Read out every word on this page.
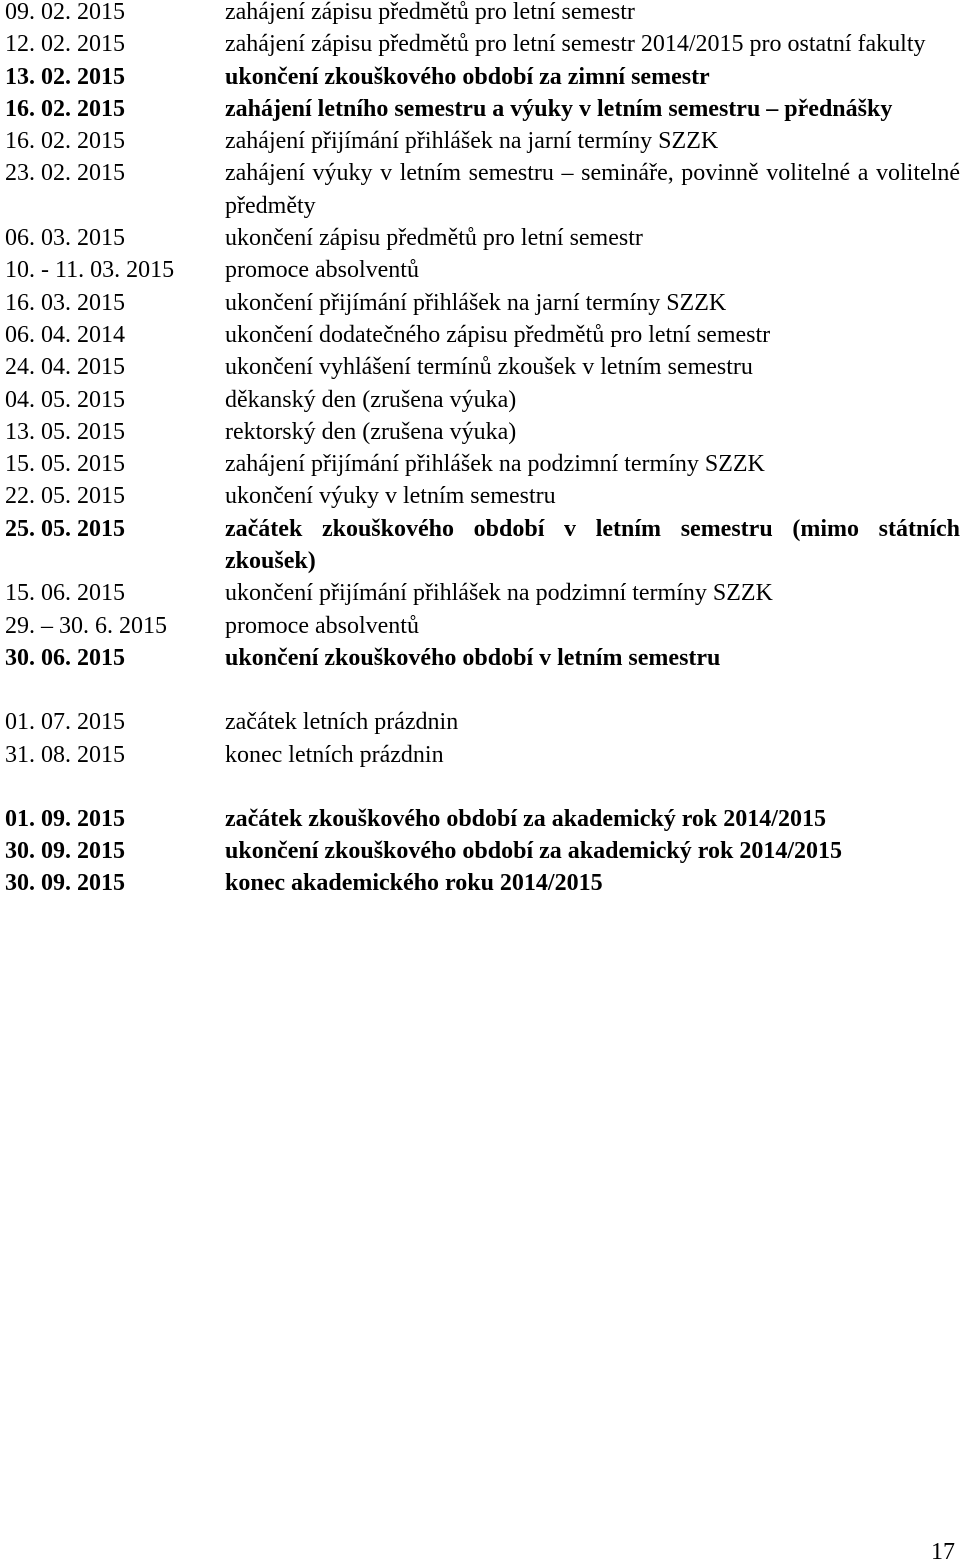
09. 02. 2015	zahájení zápisu předmětů pro letní semestr
12. 02. 2015	zahájení zápisu předmětů pro letní semestr 2014/2015 pro ostatní fakulty
13. 02. 2015	ukončení zkouškového období za zimní semestr
16. 02. 2015	zahájení letního semestru a výuky v letním semestru – přednášky
16. 02. 2015	zahájení přijímání přihlášek na jarní termíny SZZK
23. 02. 2015	zahájení výuky v letním semestru – semináře, povinně volitelné a volitelné předměty
06. 03. 2015	ukončení zápisu předmětů pro letní semestr
10. - 11. 03. 2015	promoce absolventů
16. 03. 2015	ukončení přijímání přihlášek na jarní termíny SZZK
06. 04. 2014	ukončení dodatečného zápisu předmětů pro letní semestr
24. 04. 2015	ukončení vyhlášení termínů zkoušek v letním semestru
04. 05. 2015	děkanský den (zrušena výuka)
13. 05. 2015	rektorský den (zrušena výuka)
15. 05. 2015	zahájení přijímání přihlášek na podzimní termíny SZZK
22. 05. 2015	ukončení výuky v letním semestru
25. 05. 2015	začátek zkouškového období v letním semestru (mimo státních zkoušek)
15. 06. 2015	ukončení přijímání přihlášek na podzimní termíny SZZK
29. – 30. 6. 2015	promoce absolventů
30. 06. 2015	ukončení zkouškového období v letním semestru
01. 07. 2015	začátek letních prázdnin
31. 08. 2015	konec letních prázdnin
01. 09. 2015	začátek zkouškového období za akademický rok 2014/2015
30. 09. 2015	ukončení zkouškového období za akademický rok 2014/2015
30. 09. 2015	konec akademického roku 2014/2015
17
